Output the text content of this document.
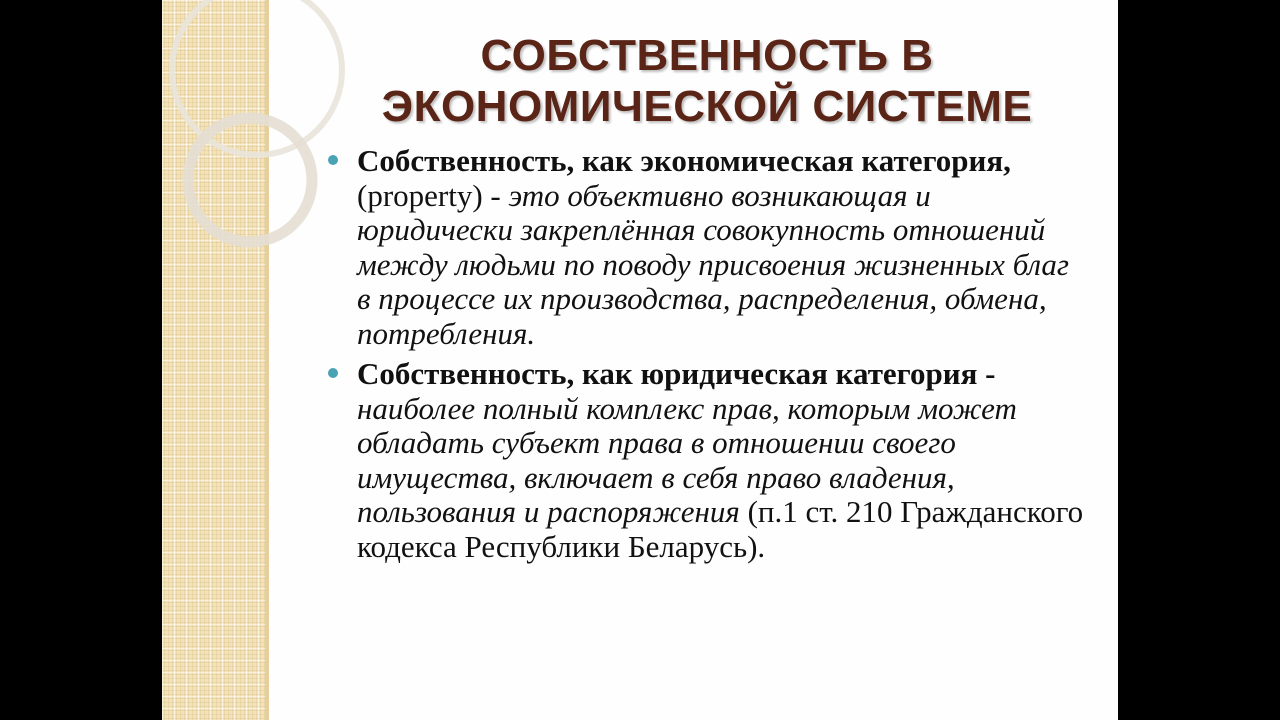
СОБСТВЕННОСТЬ В
ЭКОНОМИЧЕСКОЙ СИСТЕМЕ
Собственность, как экономическая категория, (property) - это объективно возникающая и юридически закреплённая совокупность отношений между людьми по поводу присвоения жизненных благ в процессе их производства, распределения, обмена, потребления.
Собственность, как юридическая категория - наиболее полный комплекс прав, которым может обладать субъект права в отношении своего имущества, включает в себя право владения, пользования и распоряжения (п.1 ст. 210 Гражданского кодекса Республики Беларусь).
